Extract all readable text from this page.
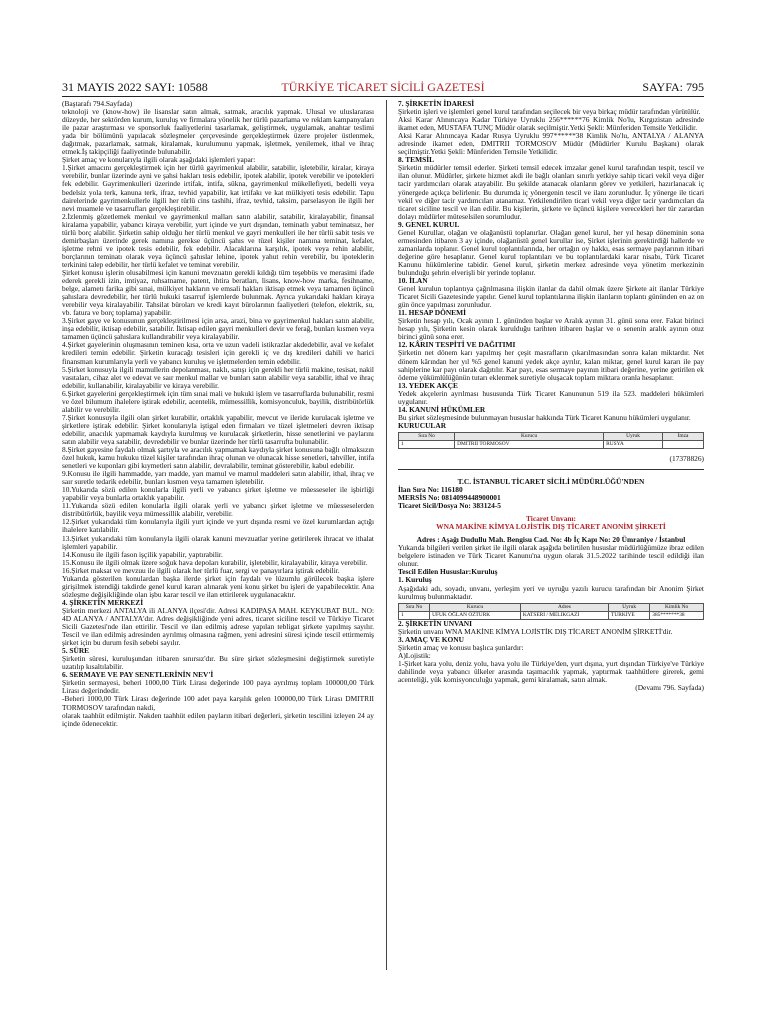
31 MAYIS 2022 SAYI: 10588	TÜRKİYE TİCARET SİCİLİ GAZETESİ	SAYFA: 795

(Baştarafı 794.Sayfada)

teknoloji ve (know-how) ile lisanslar satın almak, satmak, aracılık yapmak. Ulusal ve uluslararası düzeyde, her sektörden kurum, kuruluş ve firmalara yönelik her türlü pazarlama ve reklam kampanyaları ile pazar araştırması ve sponsorluk faaliyetlerini tasarlamak, geliştirmek, uygulamak, anahtar teslimi yada bir bölümünü yapılacak sözleşmeler çerçevesinde gerçekleştirmek üzere projeler üstlenmek, dağıtmak, pazarlamak, satmak, kiralamak, kurulumunu yapmak, işletmek, yenilemek, ithal ve ihraç etmek.İş takipçiliği faaliyetinde bulunabilir.

Şirket amaç ve konularıyla ilgili olarak aşağıdaki işlemleri yapar:

1.Şirket amacını gerçekleştirmek için her türlü gayrimenkul alabilir, satabilir, işletebilir, kiralar, kiraya verebilir, bunlar üzerinde ayni ve şahsi hakları tesis edebilir, ipotek alabilir, ipotek verebilir ve ipotekleri fek edebilir. Gayrimenkulleri üzerinde irtifak, intifa, sükna, gayrimenkul mükellefiyeti, bedelli veya bedelsiz yola terk, kanuna terk, ifraz, tevhid yapabilir, kat irtifakı ve kat mülkiyeti tesis edebilir. Tapu dairelerinde gayrimenkullerle ilgili her türlü cins tashihi, ifraz, tevhid, taksim, parselasyon ile ilgili her nevi muamele ve tasarrufları gerçekleştirebilir.

2.İzlenmiş gözetlemek menkul ve gayrimenkul malları satın alabilir, satabilir, kiralayabilir, finansal kiralama yapabilir, yabancı kiraya verebilir, yurt içinde ve yurt dışından, teminatlı yabut teminatsız, her türlü borç alabilir. Şirketin sahip olduğu her türlü menkul ve gayri menkulleri ile her türlü sabit tesis ve demirbaşları üzerinde gerek namına gerekse üçüncü şahıs ve tüzel kişiler namına teminat, kefalet, işletme rehni ve ipotek tesis edebilir, fek edebilir. Alacaklarına karşılık, ipotek veya rehin alabilir, borçlarının teminatı olarak veya üçüncü şahıslar lehine, ipotek yahut rehin verebilir, bu ipoteklerin terkinini talep edebilir, her türlü kefalet ve teminat verebilir.

Şirket konusu işlerin olusabilmesi için kanuni mevzuatın gerekli kıldığı tüm teşebbüs ve merasimi ifade ederek gerekli izin, imtiyaz, ruhsatname, patent, ihtira beratları, lisans, know-how marka, fesihname, belge, alametı farika gibi sınai, mülkiyet hakların ve emsali hakları iktisap etmek veya tamamen üçüncü şahıslara devredebilir, her türlü hukuki tasarruf işlemlerde bulunmak. Ayrıca yukarıdaki hakları kiraya verebilir veya kiralayabilir. Tahsilat büroları ve kredi kayıt bürolarının faaliyetleri (telefon, elektrik, su, vb. fatura ve borç toplama) yapabilir.

3.Şirket gaye ve konusunun gerçekleştirilmesi için arsa, arazi, bina ve gayrimenkul hakları satın alabilir, inşa edebilir, iktisap edebilir, satabilir. İktisap edilen gayri menkulleri devir ve ferağ, bunları kısmen veya tamamen üçüncü şahıslara kullandırabilir veya kiralayabilir.

4.Şirket gayelerinin oluşmasının teminen kısa, orta ve uzun vadeli istikrazlar akdedebilir, aval ve kefalet kredileri temin edebilir. Şirketin kuracağı tesisleri için gerekli iç ve dış kredileri dahili ve harici finansman kurumlarıyla yerli ve yabancı kuruluş ve işletmelerden temin edebilir.

5.Şirket konusuyla ilgili mamullerin depolanması, naklı, satışı için gerekli her türlü makine, tesisat, nakil vasıtaları, cihaz alet ve edevat ve saır menkul mallar ve bunları satın alabilir veya satabilir, ithal ve ihraç edebilir, kullanabilir, kiralayabilir ve kiraya verebilir.

6.Şirket gayelerini gerçekleştirmek için tüm sınai mali ve hukuki işlem ve tasarruflarda bulunabilir, resmi ve özel bilumum ihalelere iştirak edebilir, acentelik, mümessillik, komisyonculuk, bayilik, distribütörlük alabilir ve verebilir.

7.Şirket konusuyla ilgili olan şirket kurabilir, ortaklık yapabilir, mevcut ve ileride kurulacak işletme ve şirketlere iştirak edebilir. Şirket konularıyla iştigal eden firmaları ve tüzel işletmeleri devren iktisap edebilir, anacılık yapmamak kaydıyla kurulmuş ve kurulacak şirketlerin, hisse senetlerini ve paylarını satın alabilir veya satabilir, devredebilir ve bunlar üzerinde her türlü tasarrufta bulunabilir.

8.Şirket gayesine faydalı olmak şartıyla ve aracılık yapmamak kaydıyla şirket konusuna bağlı olmaksızın özel hukuk, kamu hukuku tüzel kişiler tarafından ihraç olunan ve olunacak hisse senetleri, tahviller, intifa senetleri ve kuponları gibi kıymetleri satın alabilir, devralabilir, teminat gösterebilir, kabul edebilir.

9.Konusu ile ilgili hammadde, yarı madde, yarı mamul ve mamul maddeleri satın alabilir, ithal, ihraç ve saır suretle tedarik edebilir, bunları kısmen veya tamamen işletebilir.

10.Yukarıda sözü edilen konularla ilgili yerli ve yabancı şirket işletme ve müesseseler ile işbirliği yapabilir veya bunlarla ortaklık yapabilir.

11.Yukarıda sözü edilen konularla ilgili olarak yerli ve yabancı şirket işletme ve müesseselerden distribütörlük, bayilik veya mümessillik alabilir, verebilir.

12.Şirket yukarıdaki tüm konularıyla ilgili yurt içinde ve yurt dışında resmi ve özel kurumlardan açtığı ihalelere katılabilir.

13.Şirket yukarıdaki tüm konularıyla ilgili olarak kanuni mevzuatlar yerine getirilerek ihracat ve ithalat işlemleri yapabilir.

14.Konusu ile ilgili fason işçilik yapabilir, yaptırabilir.

15.Konusu ile ilgili olmak üzere soğuk hava depoları kurabilir, işletebilir, kiralayabilir, kiraya verebilir.

16.Şirket maksat ve mevzuu ile ilgili olarak her türlü fuar, sergi ve panayırlara iştirak edebilir.

Yukarıda gösterilen konulardan başka ilerde şirket için faydalı ve lüzumlu görülecek başka işlere girişilmek istendiği takdirde genel kurul kararı alınarak yeni konu şirket bu işleri de yapabilecektir. Ana sözleşme değişikliğinde olan işbu karar tescil ve ilan ettirilerek uygulanacaktır.

4. ŞİRKETİN MERKEZİ

Şirketin merkezi ANTALYA ili ALANYA ilçesi'dir. Adresi KADIPAŞA MAH. KEYKUBAT BUL. NO: 4D ALANYA / ANTALYA'dır. Adres değişikliğinde yeni adres, ticaret siciline tescil ve Türkiye Ticaret Sicili Gazetesi'nde ilan ettirilir. Tescil ve ilan edilmiş adrese yapılan tebligat şirkete yapılmış sayılır. Tescil ve ilan edilmiş adresinden ayrılmış olmasına rağmen, yeni adresini süresi içinde tescil ettirmemiş şirket için bu durum fesih sebebi sayılır.

5. SÜRE

Şirketin süresi, kuruluşundan itibaren sınırsız'dır. Bu süre şirket sözleşmesini değiştirmek suretiyle uzatılıp kısaltılabilir.

6. SERMAYE VE PAY SENETLERİNİN NEV'İ

Şirketin sermayesi, beheri 1000,00 Türk Lirası değerinde 100 paya ayrılmış toplam 100000,00 Türk Lirası değerindedir.

-Beheri 1000,00 Türk Lirası değerinde 100 adet paya karşılık gelen 100000,00 Türk Lirası DMITRII TORMOSOV tarafından nakdi,

olarak taahhüt edilmiştir. Nakden taahhüt edilen payların itibari değerleri, şirketin tescilini izleyen 24 ay içinde ödenecektir.

7. ŞİRKETİN İDARESİ

Şirketin işleri ve işlemleri genel kurul tarafından seçilecek bir veya birkaç müdür tarafından yürütülür.

Aksi Karar Alınıncaya Kadar Türkiye Uyruklu 256******76 Kimlik No'lu, Kırgızistan adresinde ikamet eden, MUSTAFA TUNÇ Müdür olarak seçilmiştir.Yetki Şekli: Münferiden Temsile Yetkilidir.

Aksi Karar Alınıncaya Kadar Rusya Uyruklu 997******38 Kimlik No'lu, ANTALYA / ALANYA adresinde ikamet eden, DMITRII TORMOSOV Müdür (Müdürler Kurulu Başkanı) olarak seçilmiştir.Yetki Şekli: Münferiden Temsile Yetkilidir.

8. TEMSİL

Şirketin müdürler temsil ederler. Şirketi temsil edecek imzalar genel kurul tarafından tespit, tescil ve ilan olunur. Müdürler, şirkete hizmet akdi ile bağlı olanları sınırlı yetkiye sahip ticari vekil veya diğer tacir yardımcıları olarak atayabilir. Bu şekilde atanacak olanların görev ve yetkileri, hazırlanacak iç yönergede açıkça belirlenir. Bu durumda iç yönergenin tescil ve ilanı zorunludur. İç yönerge ile ticari vekil ve diğer tacir yardımcıları atanamaz. Yetkilendirilen ticari vekil veya diğer tacir yardımcıları da ticaret siciline tescil ve ilan edilir. Bu kişilerin, şirkete ve üçüncü kişilere verecekleri her tür zarardan dolayı müdürler müteselsilen sorumludur.

9. GENEL KURUL

Genel Kurullar, olağan ve olağanüstü toplanırlar. Olağan genel kurul, her yıl hesap döneminin sona ermesinden itibaren 3 ay içinde, olağanüstü genel kurullar ise, Şirket işlerinin gerektirdiği hallerde ve zamanlarda toplanır. Genel kurul toplantılarında, her ortağın oy hakkı, esas sermaye paylarının itibari değerine göre hesaplanır. Genel kurul toplantıları ve bu toplantılardaki karar nisabı, Türk Ticaret Kanunu hükümlerine tabidir. Genel kurul, şirketin merkez adresinde veya yönetim merkezinin bulunduğu şehrin elverişli bir yerinde toplanır.

10. İLAN

Genel kurulun toplantıya çağrılmasına ilişkin ilanlar da dahil olmak üzere Şirkete ait ilanlar Türkiye Ticaret Sicili Gazetesinde yapılır. Genel kurul toplantılarına ilişkin ilanların toplantı gününden en az on gün önce yapılması zorunludur.

11. HESAP DÖNEMİ

Şirketin hesap yılı, Ocak ayının 1. gününden başlar ve Aralık ayının 31. günü sona erer. Fakat birinci hesap yılı, Şirketin kesin olarak kurulduğu tarihten itibaren başlar ve o senenin aralık ayının otuz birinci günü sona erer.

12. KÂRIN TESPİTİ VE DAĞITIMI

Şirketin net dönem karı yapılmış her çeşit masrafların çıkarılmasından sonra kalan miktardır. Net dönem kârından her yıl %5 genel kanuni yedek akçe ayrılır, kalan miktar, genel kurul kararı ile pay sahiplerine kar payı olarak dağıtılır. Kar payı, esas sermaye payının itibari değerine, yerine getirilen ek ödeme yükümlülüğünün tutarı eklenmek suretiyle oluşacak toplam miktara oranla hesaplanır.

13. YEDEK AKÇE

Yedek akçelerin ayrılması hususunda Türk Ticaret Kanununun 519 ila 523. maddeleri hükümleri uygulanır.

14. KANUNİ HÜKÜMLER

Bu şirket sözleşmesinde bulunmayan hususlar hakkında Türk Ticaret Kanunu hükümleri uygulanır.

KURUCULAR

Sıra No	Kurucu	Uyruk	İmza
1	DMITRII TORMOSOV	RUSYA	

(17378826)

T.C. İSTANBUL TİCARET SİCİLİ MÜDÜRLÜĞÜ'NDEN

İlan Sıra No: 116180

MERSİS No: 0814099448900001

Ticaret Sicil/Dosya No: 383124-5

Ticaret Unvanı:

WNA MAKİNE KİMYA LOJİSTİK DIŞ TİCARET ANONİM ŞİRKETİ

Adres : Aşağı Dudullu Mah. Bengisu Cad. No: 4b İç Kapı No: 20 Ümraniye / İstanbul

Yukarıda bilgileri verilen şirket ile ilgili olarak aşağıda belirtilen hususlar müdürlüğümüze ibraz edilen belgelere istinaden ve Türk Ticaret Kanunu'na uygun olarak 31.5.2022 tarihinde tescil edildiği ilan olunur.

Tescil Edilen Hususlar:Kuruluş

1. Kuruluş

Aşağıdaki adı, soyadı, unvanı, yerleşim yeri ve uyruğu yazılı kurucu tarafından bir Anonim Şirket kurulmuş bulunmaktadır.

Sıra No	Kurucu	Adres	Uyruk	Kimlik No
1	UFUK OĞLAN OZTÜRK	KATSERİ / MELIKGAZİ	TÜRKİYE	385*******38

2. ŞİRKETİN UNVANI

Şirketin unvanı WNA MAKİNE KİMYA LOJİSTİK DIŞ TİCARET ANONİM ŞİRKETİ'dir.

3. AMAÇ VE KONU

Şirketin amaç ve konusu başlıca şunlardır:

A)Lojistik:

1-Şirket kara yolu, deniz yolu, hava yolu ile Türkiye'den, yurt dışına, yurt dışından Türkiye've Türkiye dahilinde veya yabancı ülkeler arasında taşımacılık yapmak, yaptırmak taahhütlere girerek, gemi acenteliği, yük komisyonculuğu yapmak, gemi kiralamak, satın almak.

(Devamı 796. Sayfada)
